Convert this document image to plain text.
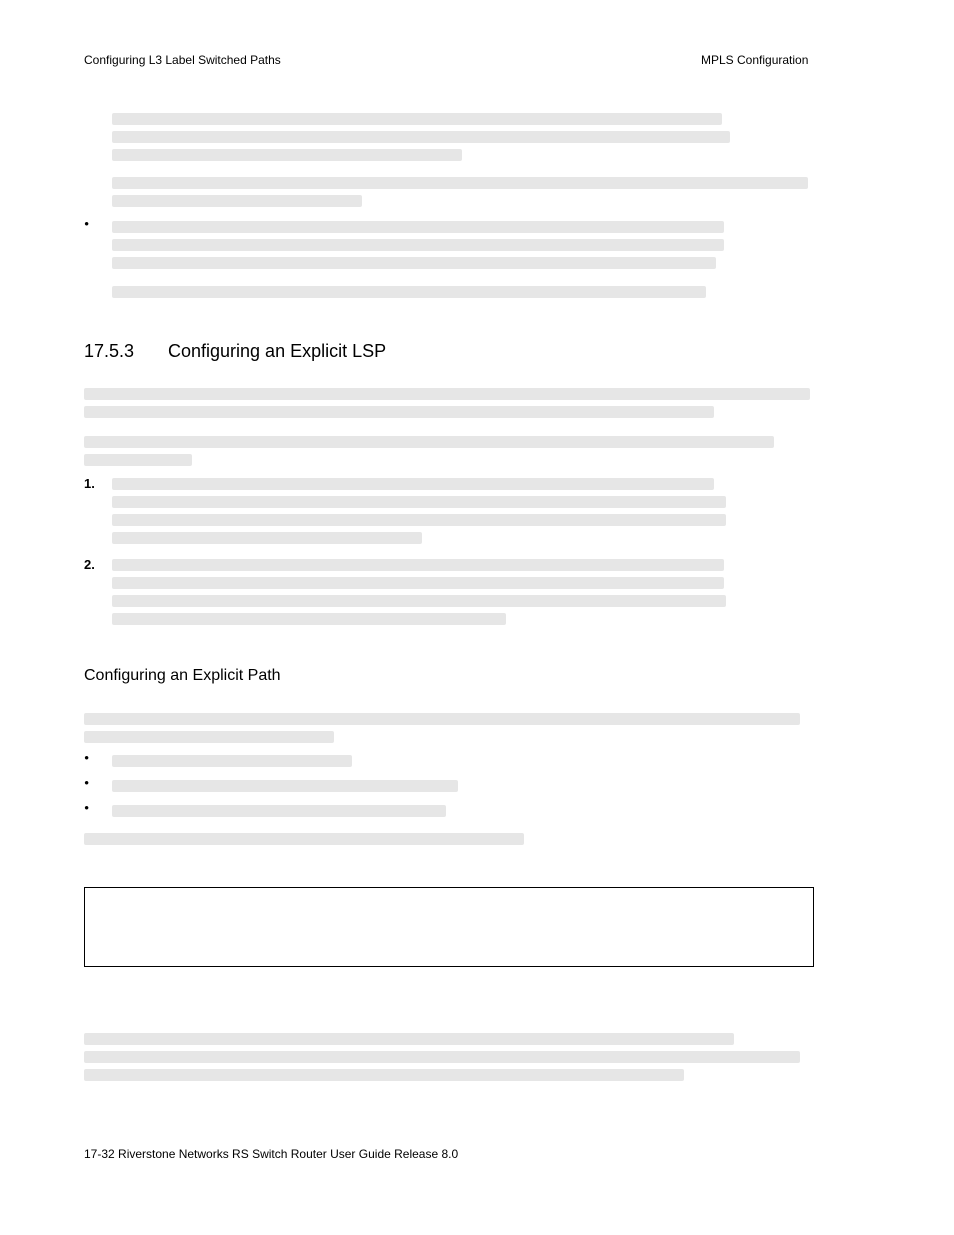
Configuring L3 Label Switched Paths	MPLS Configuration
•
17.5.3 Configuring an Explicit LSP
1.
2.
Configuring an Explicit Path
•
•
•
17-32 Riverstone Networks RS Switch Router User Guide Release 8.0
